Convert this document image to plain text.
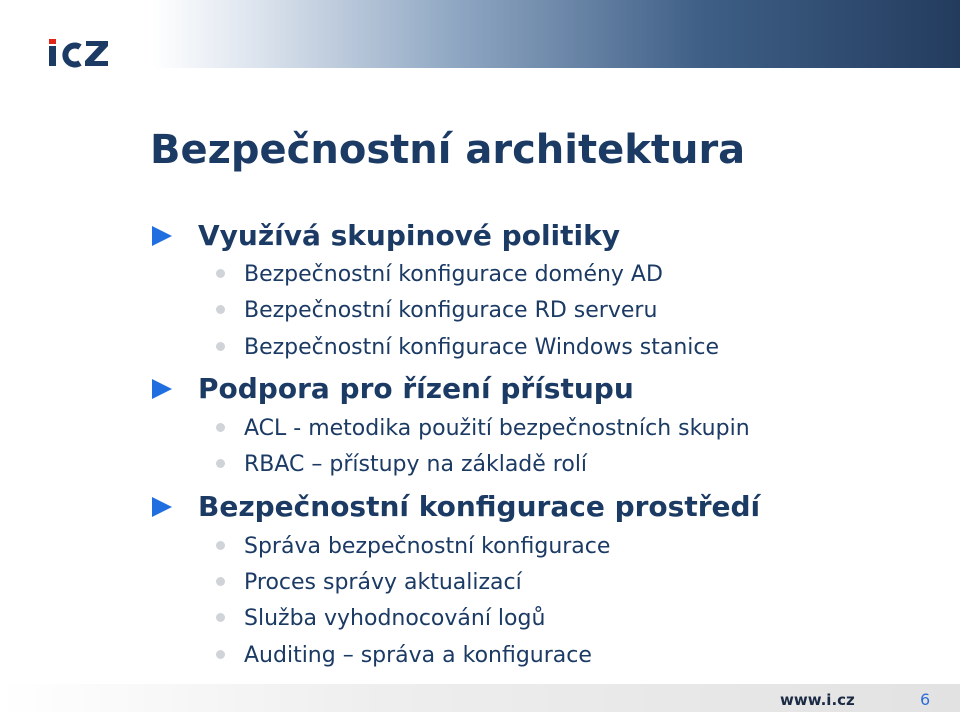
Bezpečnostní architektura
Využívá skupinové politiky
Bezpečnostní konfigurace domény AD
Bezpečnostní konfigurace RD serveru
Bezpečnostní konfigurace Windows stanice
Podpora pro řízení přístupu
ACL - metodika použití bezpečnostních skupin
RBAC – přístupy na základě rolí
Bezpečnostní konfigurace prostředí
Správa bezpečnostní konfigurace
Proces správy aktualizací
Služba vyhodnocování logů
Auditing – správa a konfigurace
www.i.cz	6
